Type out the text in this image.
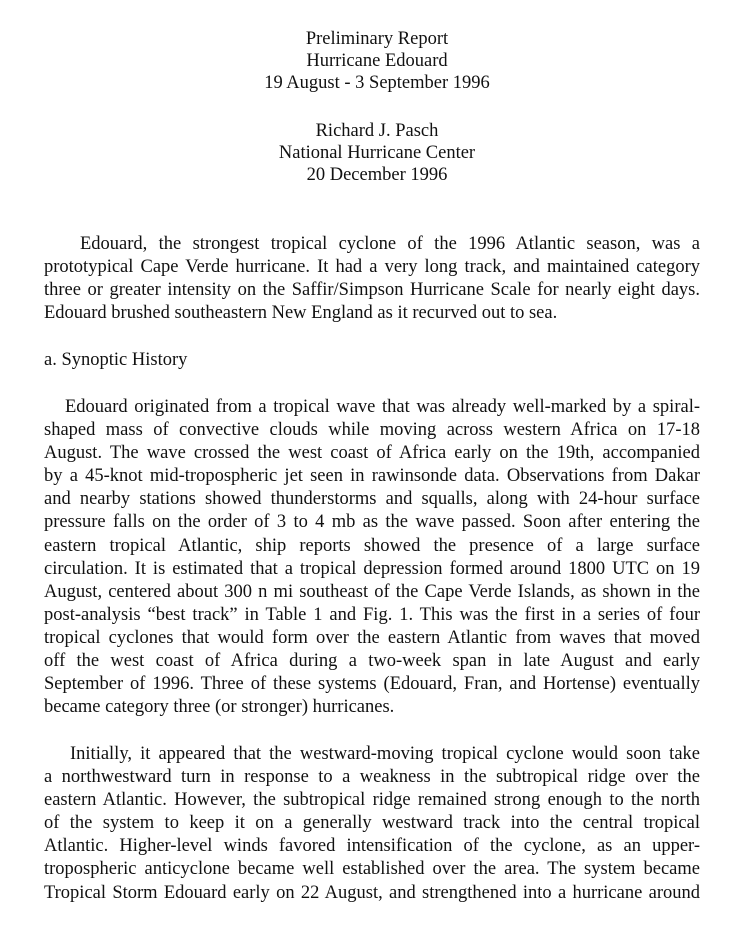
Preliminary Report
Hurricane Edouard
19 August - 3 September 1996
Richard J. Pasch
National Hurricane Center
20 December 1996
Edouard, the strongest tropical cyclone of the 1996 Atlantic season, was a
prototypical Cape Verde hurricane. It had a very long track, and maintained category
three or greater intensity on the Saffir/Simpson Hurricane Scale for nearly eight days.
Edouard brushed southeastern New England as it recurved out to sea.
a. Synoptic History
Edouard originated from a tropical wave that was already well-marked by a spiral-
shaped mass of convective clouds while moving across western Africa on 17-18
August. The wave crossed the west coast of Africa early on the 19th, accompanied
by a 45-knot mid-tropospheric jet seen in rawinsonde data. Observations from Dakar
and nearby stations showed thunderstorms and squalls, along with 24-hour surface
pressure falls on the order of 3 to 4 mb as the wave passed. Soon after entering the
eastern tropical Atlantic, ship reports showed the presence of a large surface
circulation. It is estimated that a tropical depression formed around 1800 UTC on 19
August, centered about 300 n mi southeast of the Cape Verde Islands, as shown in the
post-analysis “best track” in Table 1 and Fig. 1. This was the first in a series of four
tropical cyclones that would form over the eastern Atlantic from waves that moved
off the west coast of Africa during a two-week span in late August and early
September of 1996. Three of these systems (Edouard, Fran, and Hortense) eventually
became category three (or stronger) hurricanes.
Initially, it appeared that the westward-moving tropical cyclone would soon take
a northwestward turn in response to a weakness in the subtropical ridge over the
eastern Atlantic. However, the subtropical ridge remained strong enough to the north
of the system to keep it on a generally westward track into the central tropical
Atlantic. Higher-level winds favored intensification of the cyclone, as an upper-
tropospheric anticyclone became well established over the area. The system became
Tropical Storm Edouard early on 22 August, and strengthened into a hurricane around
